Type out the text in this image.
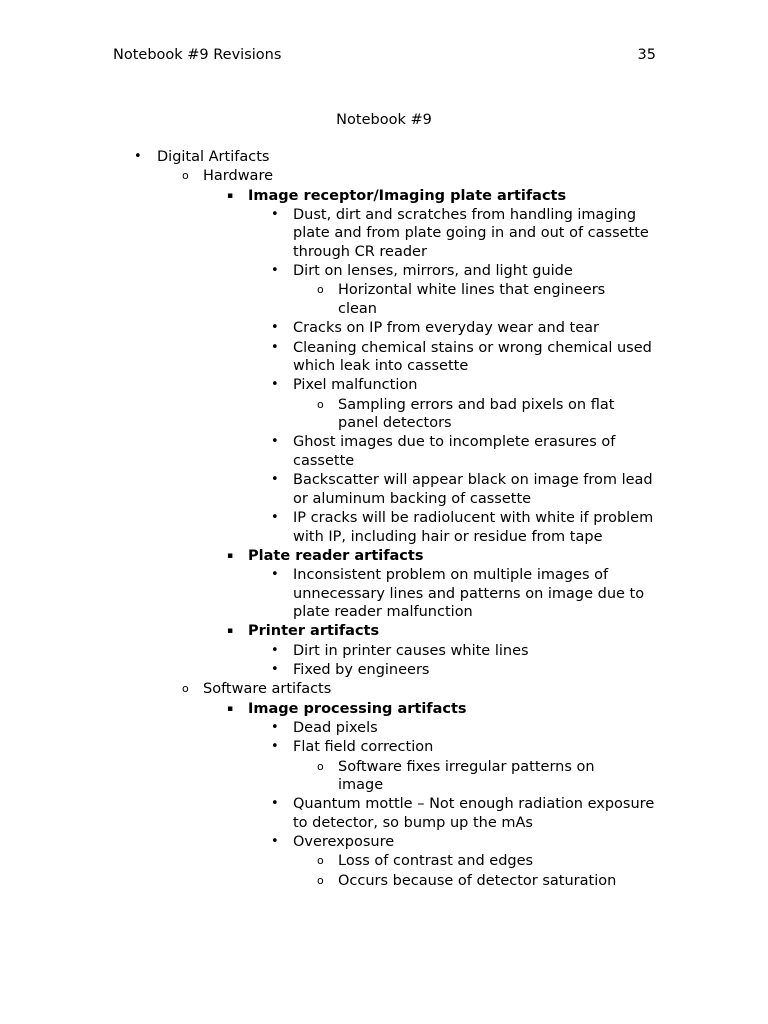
Notebook #9 Revisions	35
Notebook #9
• Digital Artifacts
o Hardware
▪ Image receptor/Imaging plate artifacts
• Dust, dirt and scratches from handling imaging plate and from plate going in and out of cassette through CR reader
• Dirt on lenses, mirrors, and light guide
o Horizontal white lines that engineers clean
• Cracks on IP from everyday wear and tear
• Cleaning chemical stains or wrong chemical used which leak into cassette
• Pixel malfunction
o Sampling errors and bad pixels on flat panel detectors
• Ghost images due to incomplete erasures of cassette
• Backscatter will appear black on image from lead or aluminum backing of cassette
• IP cracks will be radiolucent with white if problem with IP, including hair or residue from tape
▪ Plate reader artifacts
• Inconsistent problem on multiple images of unnecessary lines and patterns on image due to plate reader malfunction
▪ Printer artifacts
• Dirt in printer causes white lines
• Fixed by engineers
o Software artifacts
▪ Image processing artifacts
• Dead pixels
• Flat field correction
o Software fixes irregular patterns on image
• Quantum mottle – Not enough radiation exposure to detector, so bump up the mAs
• Overexposure
o Loss of contrast and edges
o Occurs because of detector saturation
